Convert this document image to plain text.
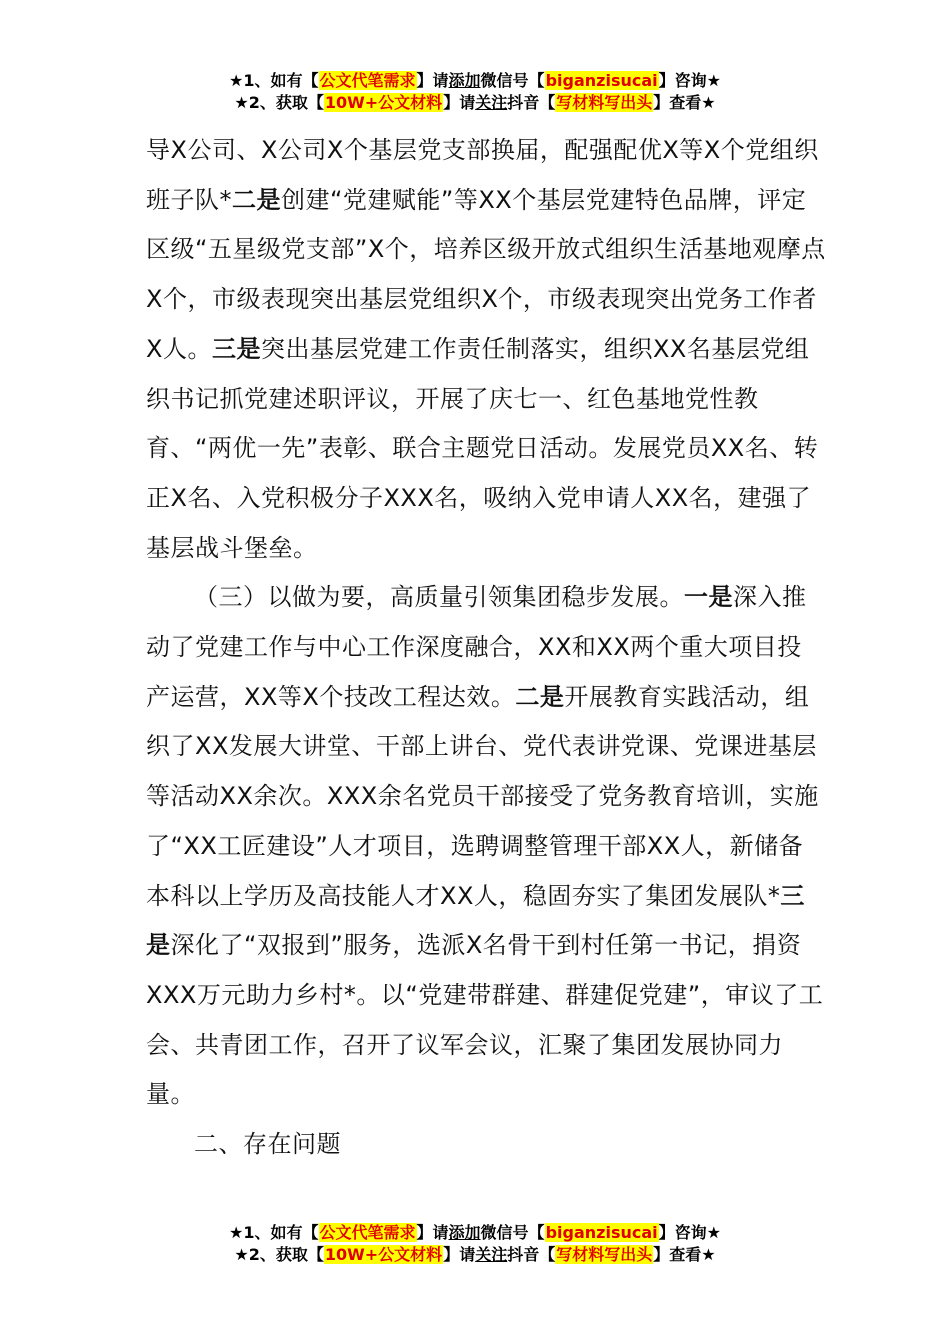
★1、如有【公文代笔需求】请添加微信号【biganzisucai】咨询★
★2、获取【10W+公文材料】请关注抖音【写材料写出头】查看★

导X公司、X公司X个基层党支部换届，配强配优X等X个党组织班子队*二是创建“党建赋能”等XX个基层党建特色品牌，评定区级“五星级党支部”X个，培养区级开放式组织生活基地观摩点X个，市级表现突出基层党组织X个，市级表现突出党务工作者X人。三是突出基层党建工作责任制落实，组织XX名基层党组织书记抓党建述职评议，开展了庆七一、红色基地党性教育、“两优一先”表彰、联合主题党日活动。发展党员XX名、转正X名、入党积极分子XXX名，吸纳入党申请人XX名，建强了基层战斗堡垒。

（三）以做为要，高质量引领集团稳步发展。一是深入推动了党建工作与中心工作深度融合，XX和XX两个重大项目投产运营，XX等X个技改工程达效。二是开展教育实践活动，组织了XX发展大讲堂、干部上讲台、党代表讲党课、党课进基层等活动XX余次。XXX余名党员干部接受了党务教育培训，实施了“XX工匠建设”人才项目，选聘调整管理干部XX人，新储备本科以上学历及高技能人才XX人，稳固夯实了集团发展队*三是深化了“双报到”服务，选派X名骨干到村任第一书记，捐资XXX万元助力乡村*。以“党建带群建、群建促党建”，审议了工会、共青团工作，召开了议军会议，汇聚了集团发展协同力量。

二、存在问题

★1、如有【公文代笔需求】请添加微信号【biganzisucai】咨询★
★2、获取【10W+公文材料】请关注抖音【写材料写出头】查看★
